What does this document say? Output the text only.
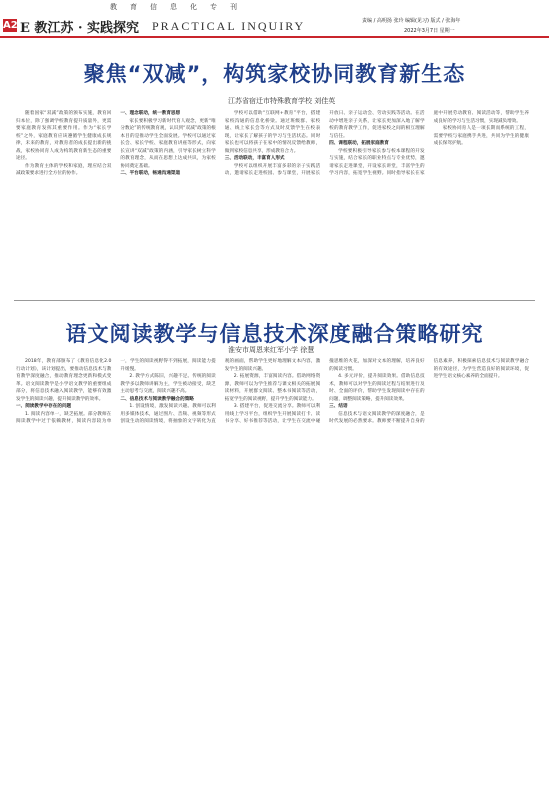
教育信息化专刊
A2 E 教江苏 · 实践探究 PRACTICAL INQUIRY	责编 / 高明扬 张玲 编辑(见习) 版式 / 张海年
2022年3月7日 星期一
聚焦“双减”，构筑家校协同教育新生态
江苏省宿迁市特殊教育学校 刘佳英

随着国家“双减”政策的颁布实施，教育回归本位，除了强调学校教育提升质量外，更需要家庭教育发挥其重要作用。作为“家长学校”之外，家庭教育应该遵循学生健康成长规律，未来的教育，对教育者的成长提出新的挑战，家校协同育人成为构筑教育新生态的重要途径。

作为教育主体的学校和家庭，理应结合双减政策要求进行全方位的协作。

一、理念联动，统一教育思想

家长要积极学习新时代育人观念，更新“唯分数论”的传统教育观，认识到“双减”政策的根本目的是推动学生全面发展。学校可以通过家长会、家长学校、家庭教育讲座等形式，向家长宣讲“双减”政策的内涵，引导家长树立科学的教育理念，从而在思想上达成共识，为家校协同奠定基础。

二、平台联动，畅通沟通渠道

学校可以借助“互联网+教育”平台，搭建家校沟通的信息化桥梁。通过班级群、家校通、线上家长会等方式及时反馈学生在校表现，让家长了解孩子的学习与生活状态。同时家长也可以将孩子在家中的情况反馈给教师，做到家校信息共享，形成教育合力。

三、活动联动，丰富育人形式

学校可以组织开展丰富多彩的亲子实践活动，邀请家长走进校园、参与课堂，开展家长开放日、亲子运动会、劳动实践等活动。在活动中增进亲子关系，让家长更加深入地了解学校的教育教学工作，促进家校之间的相互理解与信任。

四、课程联动，拓展家庭教育

学校要积极引导家长参与校本课程的开发与实施，结合家长的职业特点与专业优势，邀请家长走进课堂，开设家长讲堂，丰富学生的学习内容，拓宽学生视野。同时指导家长在家庭中开展劳动教育、阅读活动等，帮助学生养成良好的学习与生活习惯，实现减负增效。

家校协同育人是一项长期而系统的工程，需要学校与家庭携手共进，共同为学生的健康成长保驾护航。

语文阅读教学与信息技术深度融合策略研究
淮安市周恩来红军小学 徐慧

2018年，教育部颁布了《教育信息化2.0行动计划》，该计划提出，要推动信息技术与教育教学深度融合，推动教育理念更新和模式变革。语文阅读教学是小学语文教学的重要组成部分，将信息技术融入阅读教学，能够有效激发学生的阅读兴趣，提升阅读教学的效率。

一、阅读教学中存在的问题

1. 阅读内容单一，缺乏拓展。部分教师在阅读教学中过于依赖教材，阅读内容较为单一，学生的阅读视野得不到拓展，阅读能力提升缓慢。

2. 教学方式陈旧，兴趣不足。传统的阅读教学多以教师讲解为主，学生被动接受，缺乏主动思考与交流，阅读兴趣不高。

二、信息技术与阅读教学融合的策略

1. 创设情境，激发阅读兴趣。教师可以利用多媒体技术，通过图片、音频、视频等形式创设生动的阅读情境，将抽象的文字转化为直观的画面，帮助学生更好地理解文本内容，激发学生的阅读兴趣。

2. 拓展资源，丰富阅读内容。借助网络资源，教师可以为学生推荐与课文相关的拓展阅读材料，开展群文阅读、整本书阅读等活动，拓宽学生的阅读视野，提升学生的阅读能力。

3. 搭建平台，促进交流分享。教师可以利用线上学习平台，组织学生开展阅读打卡、读书分享、好书推荐等活动，让学生在交流中碰撞思维的火花，加深对文本的理解，培养良好的阅读习惯。

4. 多元评价，提升阅读效果。借助信息技术，教师可以对学生的阅读过程与结果进行及时、全面的评价，帮助学生发现阅读中存在的问题，调整阅读策略，提升阅读效果。

三、结语

信息技术与语文阅读教学的深度融合，是时代发展的必然要求。教师要不断提升自身的信息素养，积极探索信息技术与阅读教学融合的有效途径，为学生营造良好的阅读环境，促进学生语文核心素养的全面提升。
